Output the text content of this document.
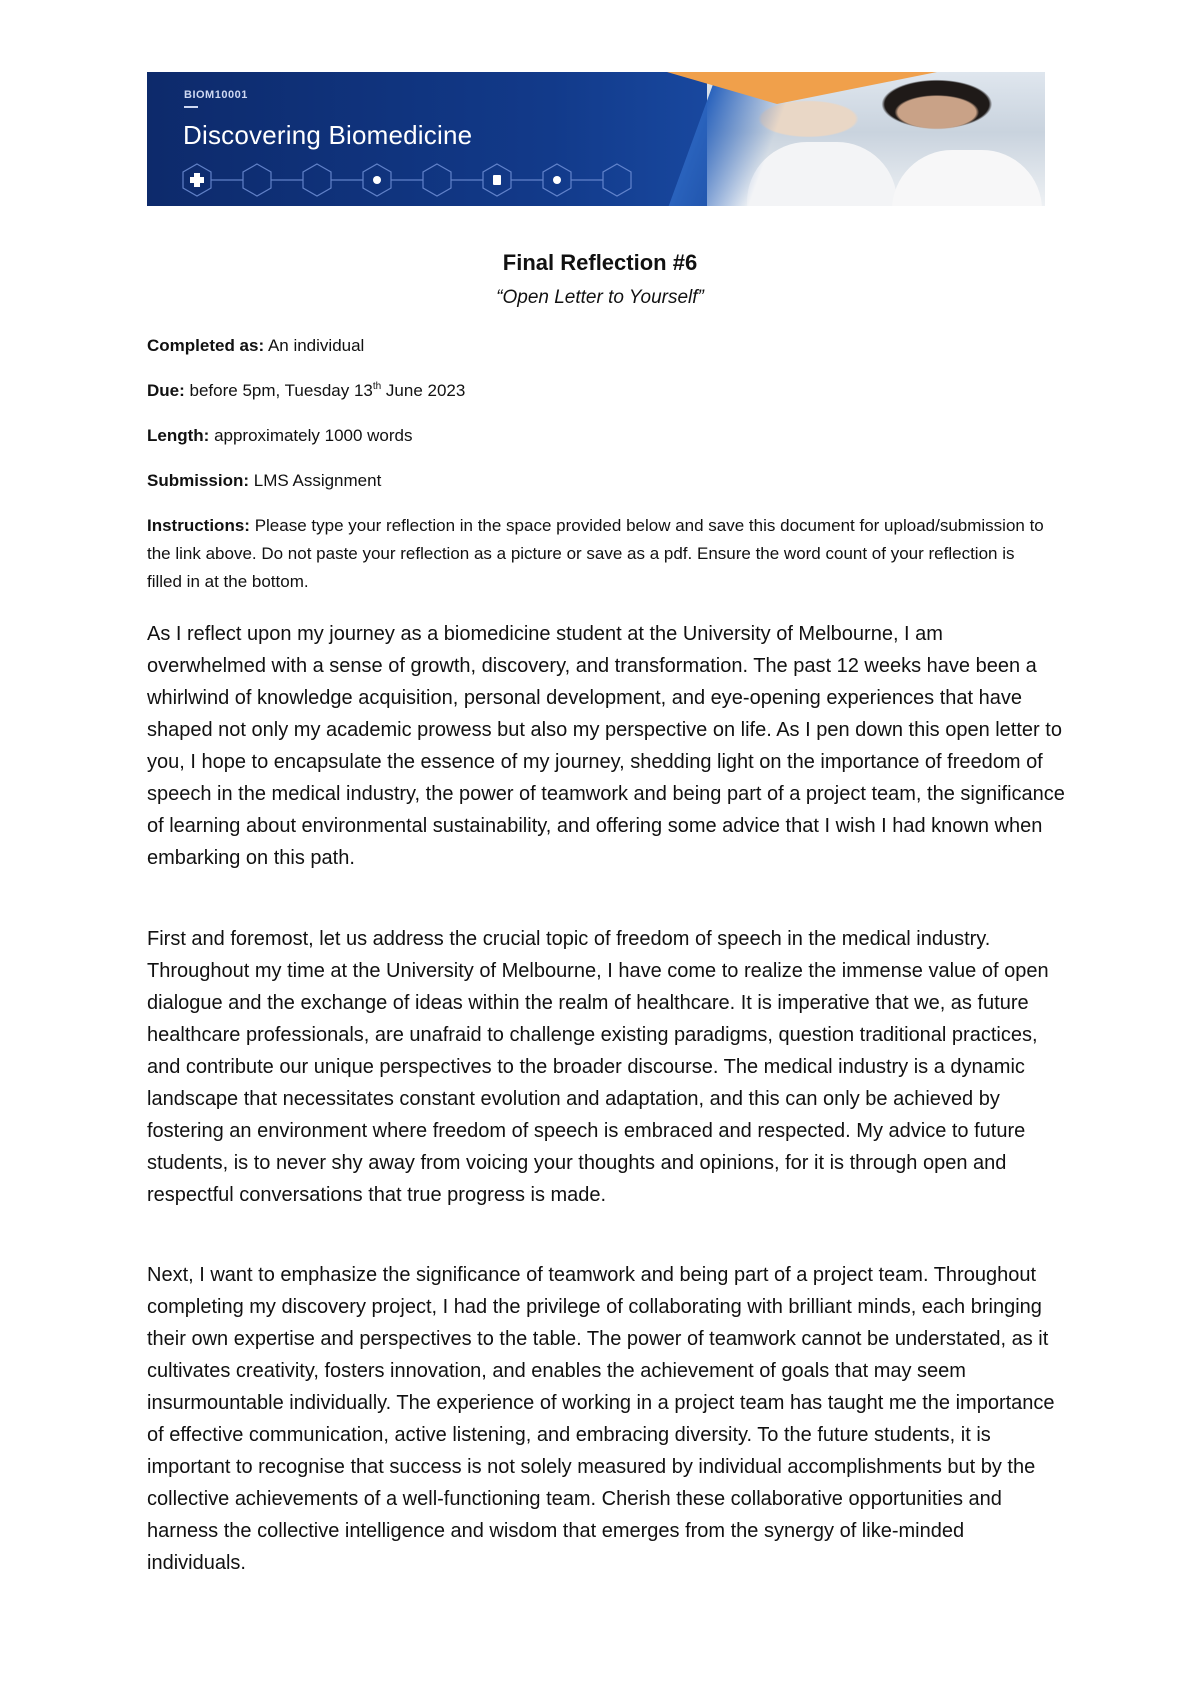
BIOM10001
Discovering Biomedicine
Final Reflection #6
“Open Letter to Yourself”
Completed as: An individual
Due: before 5pm, Tuesday 13th June 2023
Length: approximately 1000 words
Submission: LMS Assignment
Instructions: Please type your reflection in the space provided below and save this document for upload/submission to the link above. Do not paste your reflection as a picture or save as a pdf. Ensure the word count of your reflection is filled in at the bottom.
As I reflect upon my journey as a biomedicine student at the University of Melbourne, I am overwhelmed with a sense of growth, discovery, and transformation. The past 12 weeks have been a whirlwind of knowledge acquisition, personal development, and eye-opening experiences that have shaped not only my academic prowess but also my perspective on life. As I pen down this open letter to you, I hope to encapsulate the essence of my journey, shedding light on the importance of freedom of speech in the medical industry, the power of teamwork and being part of a project team, the significance of learning about environmental sustainability, and offering some advice that I wish I had known when embarking on this path.
First and foremost, let us address the crucial topic of freedom of speech in the medical industry. Throughout my time at the University of Melbourne, I have come to realize the immense value of open dialogue and the exchange of ideas within the realm of healthcare. It is imperative that we, as future healthcare professionals, are unafraid to challenge existing paradigms, question traditional practices, and contribute our unique perspectives to the broader discourse. The medical industry is a dynamic landscape that necessitates constant evolution and adaptation, and this can only be achieved by fostering an environment where freedom of speech is embraced and respected. My advice to future students, is to never shy away from voicing your thoughts and opinions, for it is through open and respectful conversations that true progress is made.
Next, I want to emphasize the significance of teamwork and being part of a project team. Throughout completing my discovery project, I had the privilege of collaborating with brilliant minds, each bringing their own expertise and perspectives to the table. The power of teamwork cannot be understated, as it cultivates creativity, fosters innovation, and enables the achievement of goals that may seem insurmountable individually. The experience of working in a project team has taught me the importance of effective communication, active listening, and embracing diversity. To the future students, it is important to recognise that success is not solely measured by individual accomplishments but by the collective achievements of a well-functioning team. Cherish these collaborative opportunities and harness the collective intelligence and wisdom that emerges from the synergy of like-minded individuals.
